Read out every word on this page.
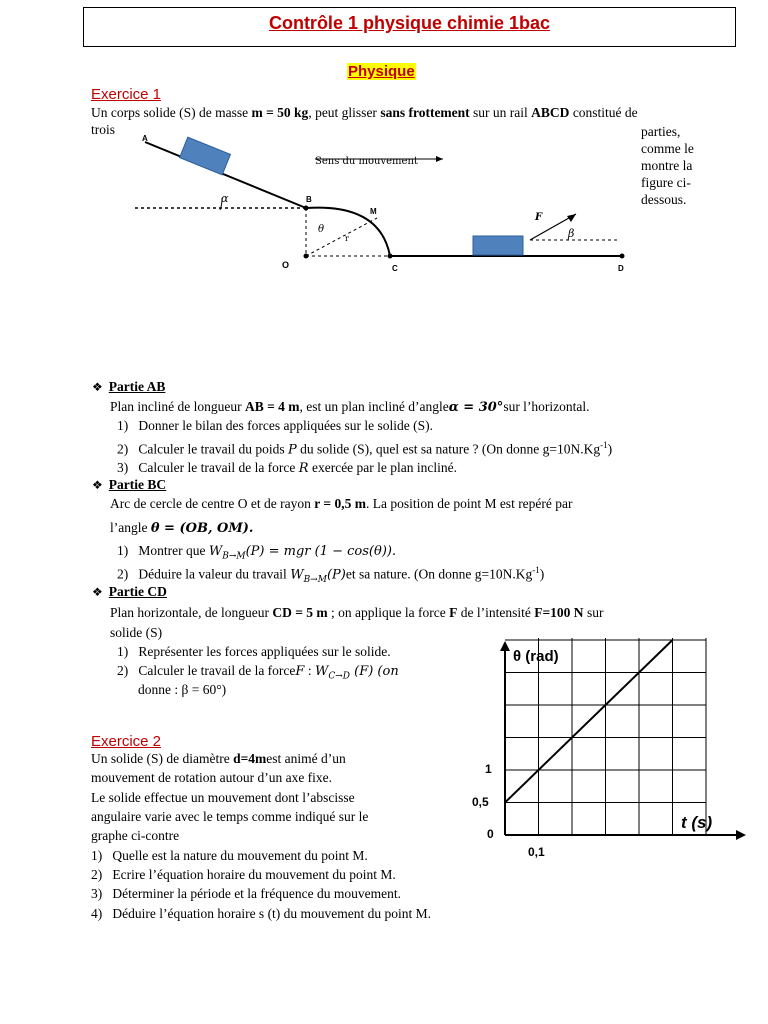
Contrôle 1 physique chimie 1bac
Physique
Exercice 1
Un corps solide (S) de masse m = 50 kg, peut glisser sans frottement sur un rail ABCD constitué de
trois	parties,
comme le
montre la
figure ci-
dessous.
A
B
M
O	C	D
α
θ
r	β
F
Sens du mouvement
❖ Partie AB
Plan incliné de longueur AB = 4 m, est un plan incliné d’angleα = 30°sur l’horizontal.
1) Donner le bilan des forces appliquées sur le solide (S).
2) Calculer le travail du poids P du solide (S), quel est sa nature ? (On donne $g=10N.Kg^{-1}$)
3) Calculer le travail de la force R exercée par le plan incliné.
❖ Partie BC
Arc de cercle de centre O et de rayon r = 0,5 m. La position de point M est repéré par
l’angle θ = (OB, OM).
1) Montrer que $W_{B\to M}(P)$ = mgr (1 − cos(θ)).
2) Déduire la valeur du travail $W_{B\to M}(P)et$ sa nature. (On donne $g=10N.Kg^{-1}$)
❖ Partie CD
Plan horizontale, de longueur CD = 5 m ; on applique la force F de l’intensité F=100 N sur
solide (S)
1) Représenter les forces appliquées sur le solide.
2) Calculer le travail de la forceF : $W_{C\to D}$ (F) (on
donne : β = 60°)
Exercice 2
Un solide (S) de diamètre d=4mest animé d’un
mouvement de rotation autour d’un axe fixe.
Le solide effectue un mouvement dont l’abscisse
angulaire varie avec le temps comme indiqué sur le
graphe ci-contre
1) Quelle est la nature du mouvement du point M.
2) Ecrire l’équation horaire du mouvement du point M.
3) Déterminer la période et la fréquence du mouvement.
4) Déduire l’équation horaire s (t) du mouvement du point M.
θ (rad)
t (s)
1
0,5
0
0,1
